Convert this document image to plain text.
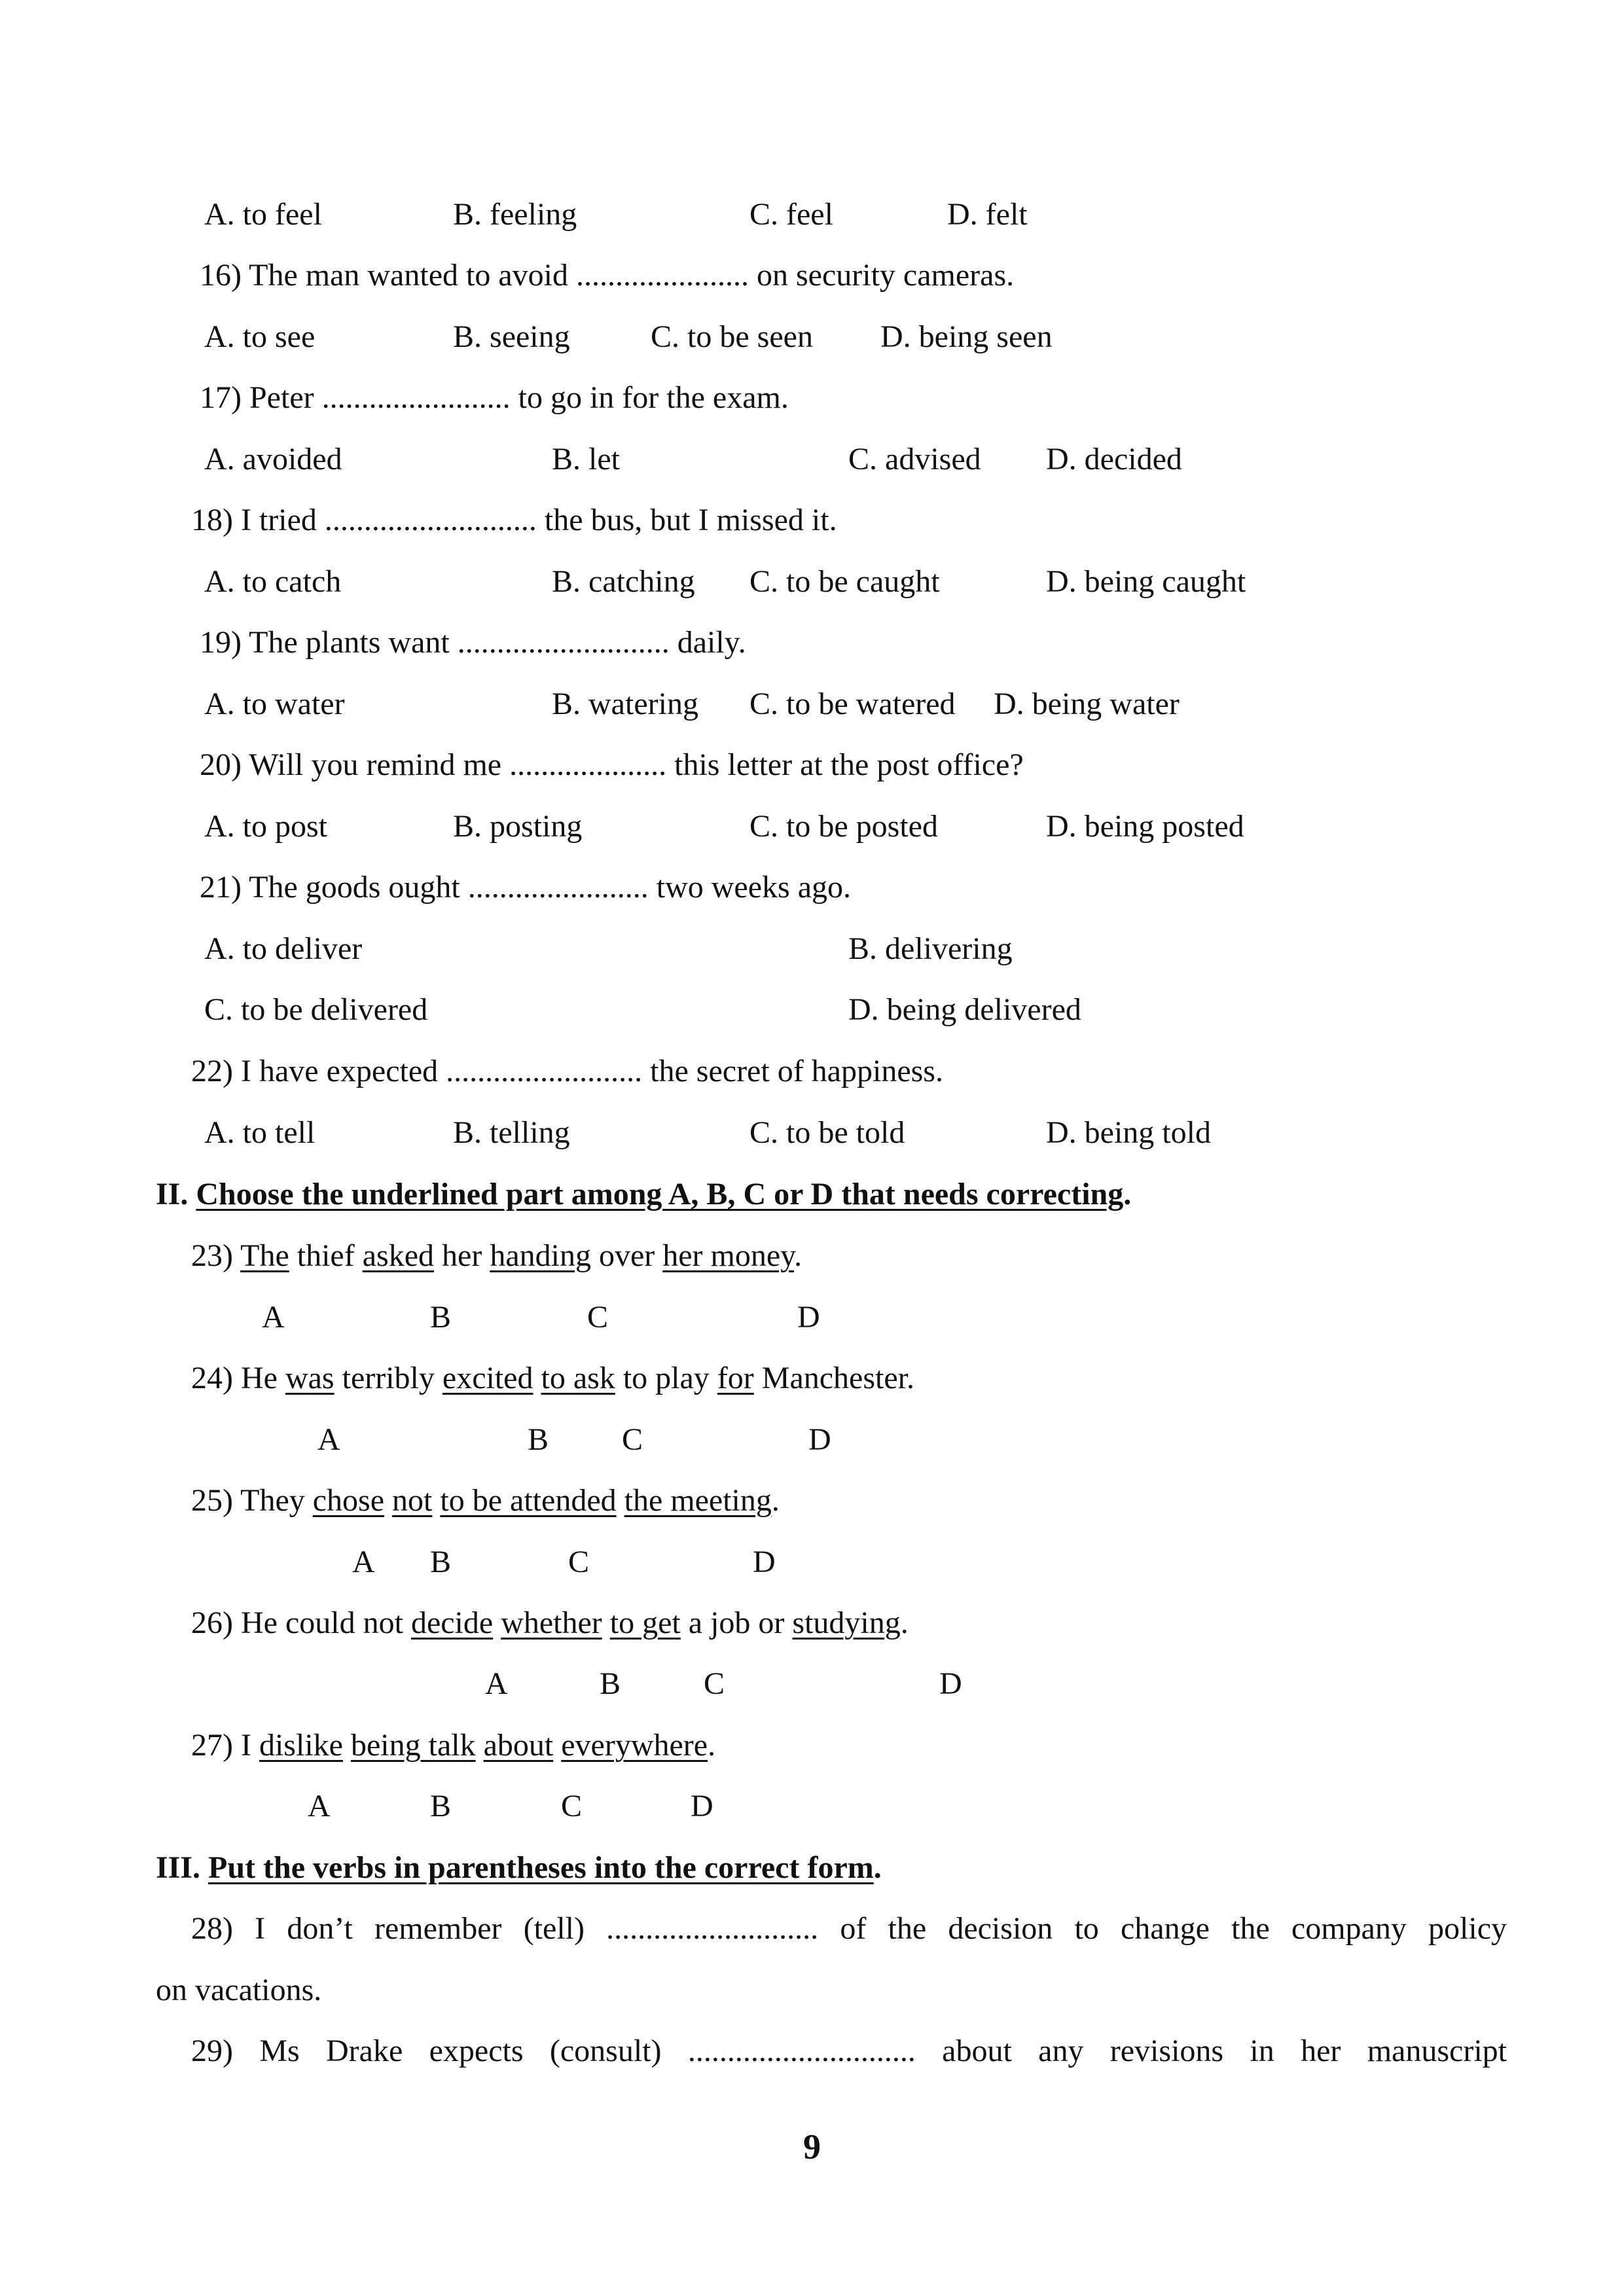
A. to feel	B. feeling	C. feel	D. felt
16) The man wanted to avoid ...................... on security cameras.
A. to see	B. seeing	C. to be seen D. being seen
17) Peter ........................ to go in for the exam.
A. avoided	B. let	C. advised D. decided
18) I tried ........................... the bus, but I missed it.
A. to catch	B. catching C. to be caught	D. being caught
19) The plants want ........................... daily.
A. to water	B. watering C. to be watered D. being water
20) Will you remind me .................... this letter at the post office?
A. to post	B. posting	C. to be posted	D. being posted
21) The goods ought ....................... two weeks ago.
A. to deliver	B. delivering
C. to be delivered	D. being delivered
22) I have expected ......................... the secret of happiness.
A. to tell	B. telling	C. to be told	D. being told
II. Choose the underlined part among A, B, C or D that needs correcting.
23) The thief asked her handing over her money.
A	B	C	D
24) He was terribly excited to ask to play for Manchester.
A	B C	D
25) They chose not to be attended the meeting.
A B	C	D
26) He could not decide whether to get a job or studying.
A	B	C	D
27) I dislike being talk about everywhere.
A	B	C	D
III. Put the verbs in parentheses into the correct form.
28) I don’t remember (tell) ........................... of the decision to change the company policy
on vacations.
29) Ms Drake expects (consult) ............................. about any revisions in her manuscript
9
